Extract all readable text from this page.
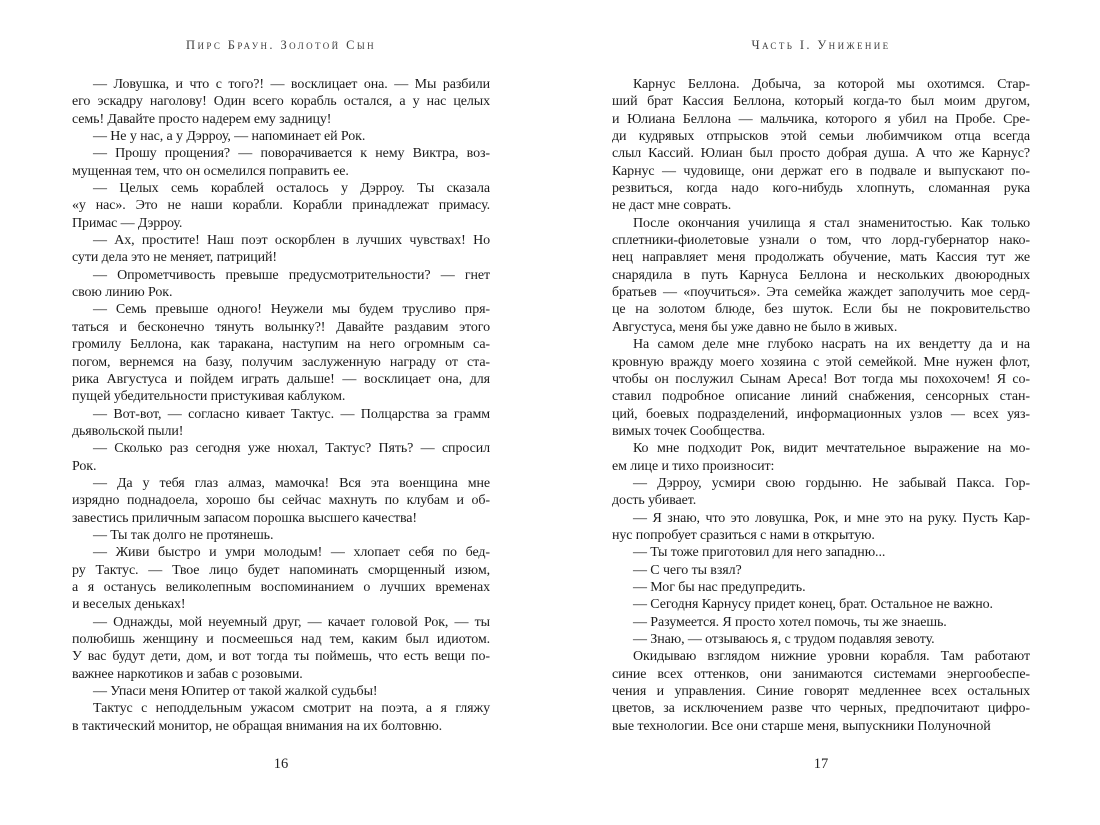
Пирс Браун. Золотой Сын

— Ловушка, и что с того?! — восклицает она. — Мы разбили
его эскадру наголову! Один всего корабль остался, а у нас целых
семь! Давайте просто надерем ему задницу!

— Не у нас, а у Дэрроу, — напоминает ей Рок.

— Прошу прощения? — поворачивается к нему Виктра, воз-
мущенная тем, что он осмелился поправить ее.

— Целых семь кораблей осталось у Дэрроу. Ты сказала
«у нас». Это не наши корабли. Корабли принадлежат примасу.
Примас — Дэрроу.

— Ах, простите! Наш поэт оскорблен в лучших чувствах! Но
сути дела это не меняет, патриций!

— Опрометчивость превыше предусмотрительности? — гнет
свою линию Рок.

— Семь превыше одного! Неужели мы будем трусливо пря-
таться и бесконечно тянуть волынку?! Давайте раздавим этого
громилу Беллона, как таракана, наступим на него огромным са-
погом, вернемся на базу, получим заслуженную награду от ста-
рика Августуса и пойдем играть дальше! — восклицает она, для
пущей убедительности пристукивая каблуком.

— Вот-вот, — согласно кивает Тактус. — Полцарства за грамм
дьявольской пыли!

— Сколько раз сегодня уже нюхал, Тактус? Пять? — спросил
Рок.

— Да у тебя глаз алмаз, мамочка! Вся эта военщина мне
изрядно поднадоела, хорошо бы сейчас махнуть по клубам и об-
завестись приличным запасом порошка высшего качества!

— Ты так долго не протянешь.

— Живи быстро и умри молодым! — хлопает себя по бед-
ру Тактус. — Твое лицо будет напоминать сморщенный изюм,
а я останусь великолепным воспоминанием о лучших временах
и веселых деньках!

— Однажды, мой неуемный друг, — качает головой Рок, — ты
полюбишь женщину и посмеешься над тем, каким был идиотом.
У вас будут дети, дом, и вот тогда ты поймешь, что есть вещи по-
важнее наркотиков и забав с розовыми.

— Упаси меня Юпитер от такой жалкой судьбы!

Тактус с неподдельным ужасом смотрит на поэта, а я гляжу
в тактический монитор, не обращая внимания на их болтовню.

16
Часть I. Унижение

Карнус Беллона. Добыча, за которой мы охотимся. Стар-
ший брат Кассия Беллона, который когда-то был моим другом,
и Юлиана Беллона — мальчика, которого я убил на Пробе. Сре-
ди кудрявых отпрысков этой семьи любимчиком отца всегда
слыл Кассий. Юлиан был просто добрая душа. А что же Карнус?
Карнус — чудовище, они держат его в подвале и выпускают по-
резвиться, когда надо кого-нибудь хлопнуть, сломанная рука
не даст мне соврать.

После окончания училища я стал знаменитостью. Как только
сплетники-фиолетовые узнали о том, что лорд-губернатор нако-
нец направляет меня продолжать обучение, мать Кассия тут же
снарядила в путь Карнуса Беллона и нескольких двоюродных
братьев — «поучиться». Эта семейка жаждет заполучить мое серд-
це на золотом блюде, без шуток. Если бы не покровительство
Августуса, меня бы уже давно не было в живых.

На самом деле мне глубоко насрать на их вендетту да и на
кровную вражду моего хозяина с этой семейкой. Мне нужен флот,
чтобы он послужил Сынам Ареса! Вот тогда мы похохочем! Я со-
ставил подробное описание линий снабжения, сенсорных стан-
ций, боевых подразделений, информационных узлов — всех уяз-
вимых точек Сообщества.

Ко мне подходит Рок, видит мечтательное выражение на мо-
ем лице и тихо произносит:

— Дэрроу, усмири свою гордыню. Не забывай Пакса. Гор-
дость убивает.

— Я знаю, что это ловушка, Рок, и мне это на руку. Пусть Кар-
нус попробует сразиться с нами в открытую.

— Ты тоже приготовил для него западню...

— С чего ты взял?

— Мог бы нас предупредить.

— Сегодня Карнусу придет конец, брат. Остальное не важно.

— Разумеется. Я просто хотел помочь, ты же знаешь.

— Знаю, — отзываюсь я, с трудом подавляя зевоту.

Окидываю взглядом нижние уровни корабля. Там работают
синие всех оттенков, они занимаются системами энергообеспе-
чения и управления. Синие говорят медленнее всех остальных
цветов, за исключением разве что черных, предпочитают цифро-
вые технологии. Все они старше меня, выпускники Полуночной

17
